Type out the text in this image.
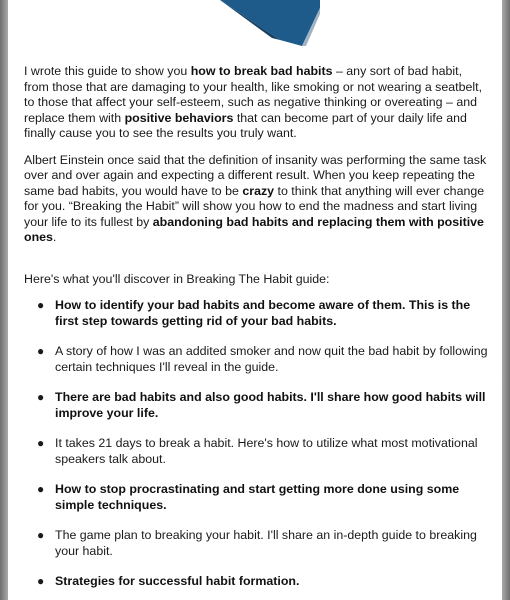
I wrote this guide to show you how to break bad habits – any sort of bad habit, from those that are damaging to your health, like smoking or not wearing a seatbelt, to those that affect your self-esteem, such as negative thinking or overeating – and replace them with positive behaviors that can become part of your daily life and finally cause you to see the results you truly want.

Albert Einstein once said that the definition of insanity was performing the same task over and over again and expecting a different result. When you keep repeating the same bad habits, you would have to be crazy to think that anything will ever change for you. “Breaking the Habit” will show you how to end the madness and start living your life to its fullest by abandoning bad habits and replacing them with positive ones.

Here's what you'll discover in Breaking The Habit guide:

● How to identify your bad habits and become aware of them. This is the first step towards getting rid of your bad habits.
● A story of how I was an addited smoker and now quit the bad habit by following certain techniques I'll reveal in the guide.
● There are bad habits and also good habits. I'll share how good habits will improve your life.
● It takes 21 days to break a habit. Here's how to utilize what most motivational speakers talk about.
● How to stop procrastinating and start getting more done using some simple techniques.
● The game plan to breaking your habit. I'll share an in-depth guide to breaking your habit.
● Strategies for successful habit formation.
